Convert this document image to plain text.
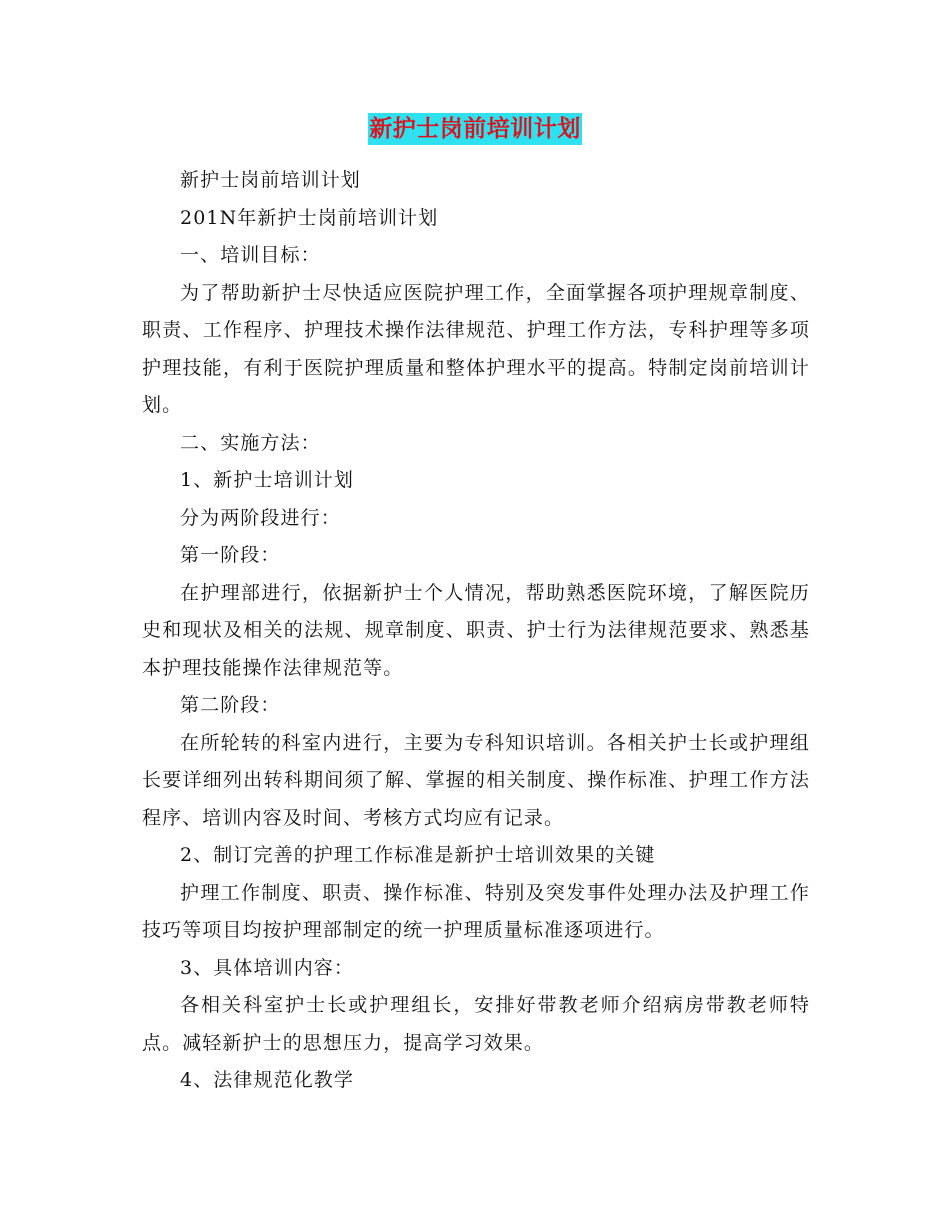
新护士岗前培训计划

新护士岗前培训计划

201N年新护士岗前培训计划

一、培训目标：

为了帮助新护士尽快适应医院护理工作，全面掌握各项护理规章制度、职责、工作程序、护理技术操作法律规范、护理工作方法，专科护理等多项护理技能，有利于医院护理质量和整体护理水平的提高。特制定岗前培训计划。

二、实施方法：

1、新护士培训计划

分为两阶段进行：

第一阶段：

在护理部进行，依据新护士个人情况，帮助熟悉医院环境，了解医院历史和现状及相关的法规、规章制度、职责、护士行为法律规范要求、熟悉基本护理技能操作法律规范等。

第二阶段：

在所轮转的科室内进行，主要为专科知识培训。各相关护士长或护理组长要详细列出转科期间须了解、掌握的相关制度、操作标准、护理工作方法程序、培训内容及时间、考核方式均应有记录。

2、制订完善的护理工作标准是新护士培训效果的关键

护理工作制度、职责、操作标准、特别及突发事件处理办法及护理工作技巧等项目均按护理部制定的统一护理质量标准逐项进行。

3、具体培训内容：

各相关科室护士长或护理组长，安排好带教老师介绍病房带教老师特点。减轻新护士的思想压力，提高学习效果。

4、法律规范化教学
